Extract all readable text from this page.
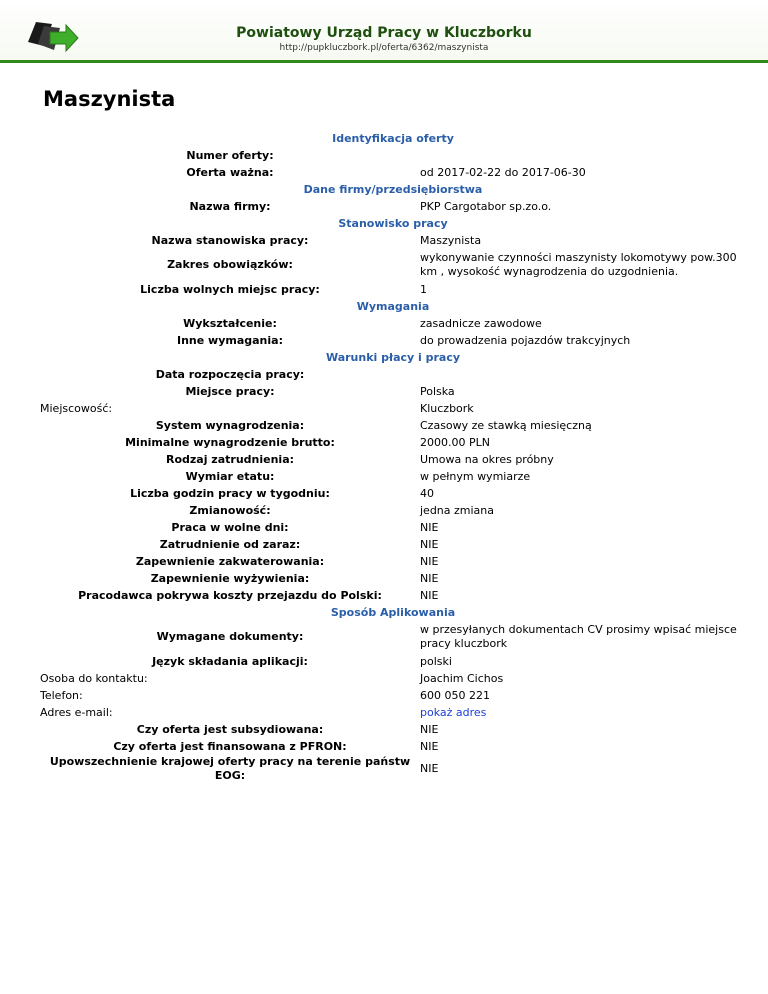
Powiatowy Urząd Pracy w Kluczborku
http://pupkluczbork.pl/oferta/6362/maszynista
Maszynista
Identyfikacja oferty	
Numer oferty:	
Oferta ważna:	od 2017-02-22 do 2017-06-30
Dane firmy/przedsiębiorstwa	
Nazwa firmy:	PKP Cargotabor sp.zo.o.
Stanowisko pracy	
Nazwa stanowiska pracy:	Maszynista
Zakres obowiązków:	wykonywanie czynności maszynisty lokomotywy pow.300 km , wysokość wynagrodzenia do uzgodnienia.
Liczba wolnych miejsc pracy:	1
Wymagania	
Wykształcenie:	zasadnicze zawodowe
Inne wymagania:	do prowadzenia pojazdów trakcyjnych
Warunki płacy i pracy	
Data rozpoczęcia pracy:	
Miejsce pracy:	Polska
Miejscowość:	Kluczbork
System wynagrodzenia:	Czasowy ze stawką miesięczną
Minimalne wynagrodzenie brutto:	2000.00 PLN
Rodzaj zatrudnienia:	Umowa na okres próbny
Wymiar etatu:	w pełnym wymiarze
Liczba godzin pracy w tygodniu:	40
Zmianowość:	jedna zmiana
Praca w wolne dni:	NIE
Zatrudnienie od zaraz:	NIE
Zapewnienie zakwaterowania:	NIE
Zapewnienie wyżywienia:	NIE
Pracodawca pokrywa koszty przejazdu do Polski:	NIE
Sposób Aplikowania	
Wymagane dokumenty:	w przesyłanych dokumentach CV prosimy wpisać miejsce pracy kluczbork
Język składania aplikacji:	polski
Osoba do kontaktu:	Joachim Cichos
Telefon:	600 050 221
Adres e-mail:	pokaż adres
Czy oferta jest subsydiowana:	NIE
Czy oferta jest finansowana z PFRON:	NIE
Upowszechnienie krajowej oferty pracy na terenie państw EOG:	NIE
